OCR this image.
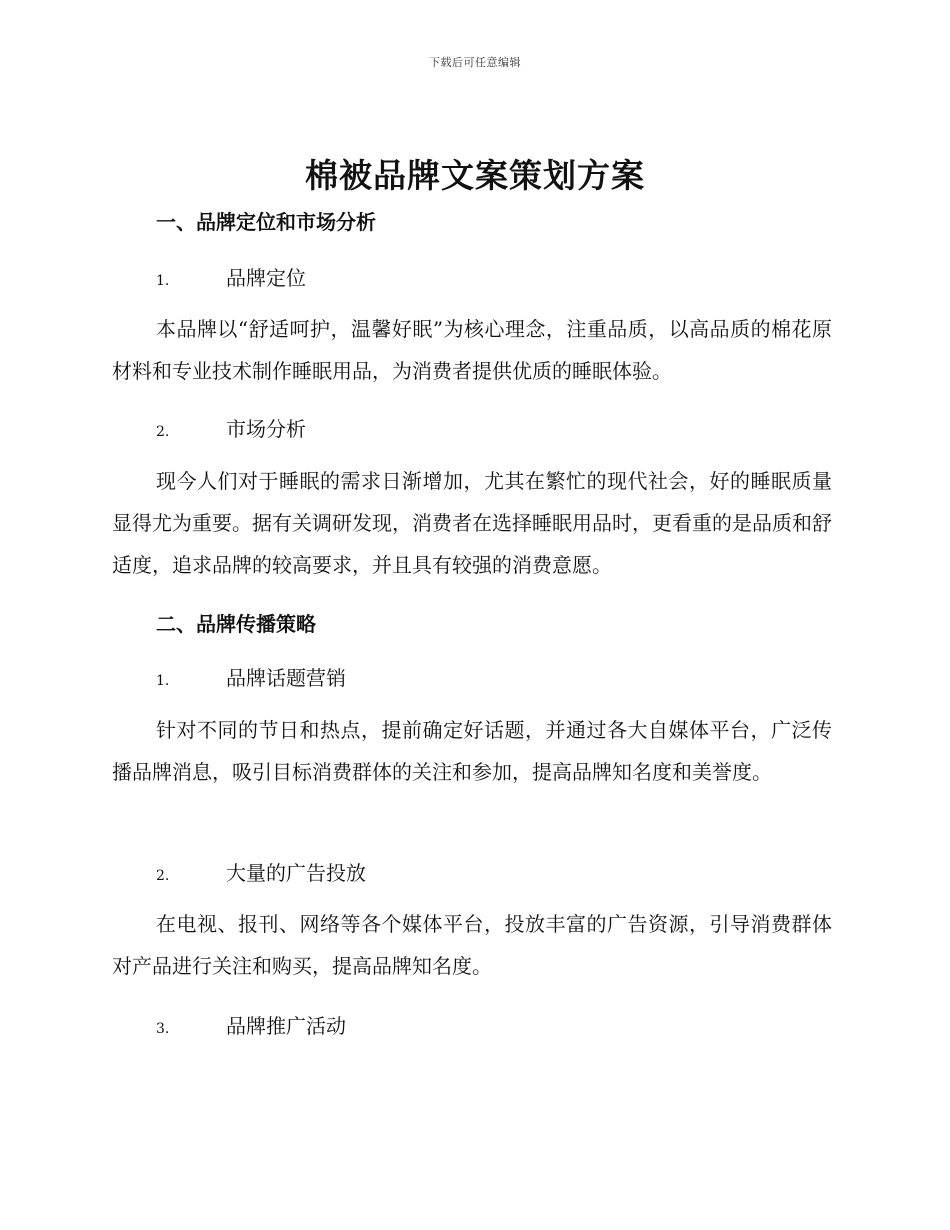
下载后可任意编辑
棉被品牌文案策划方案
一、品牌定位和市场分析
1.	品牌定位
本品牌以“舒适呵护，温馨好眠”为核心理念，注重品质，以高品质的棉花原材料和专业技术制作睡眠用品，为消费者提供优质的睡眠体验。
2.	市场分析
现今人们对于睡眠的需求日渐增加，尤其在繁忙的现代社会，好的睡眠质量显得尤为重要。据有关调研发现，消费者在选择睡眠用品时，更看重的是品质和舒适度，追求品牌的较高要求，并且具有较强的消费意愿。
二、品牌传播策略
1.	品牌话题营销
针对不同的节日和热点，提前确定好话题，并通过各大自媒体平台，广泛传播品牌消息，吸引目标消费群体的关注和参加，提高品牌知名度和美誉度。
2.	大量的广告投放
在电视、报刊、网络等各个媒体平台，投放丰富的广告资源，引导消费群体对产品进行关注和购买，提高品牌知名度。
3.	品牌推广活动
